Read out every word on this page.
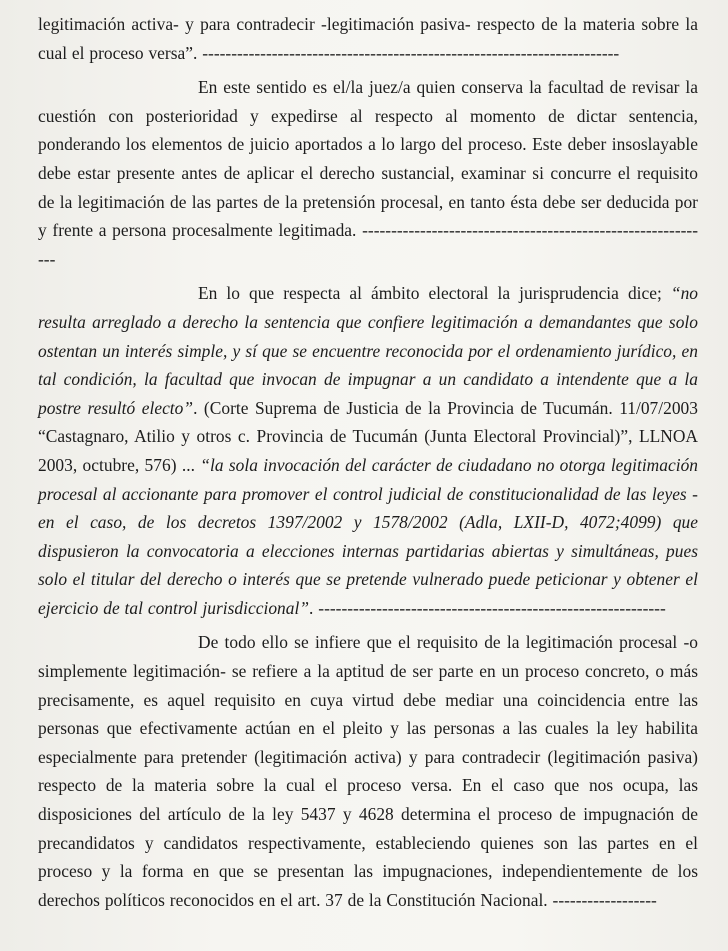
legitimación activa- y para contradecir -legitimación pasiva- respecto de la materia sobre la cual el proceso versa”. ------------------------------------------------------------------------

En este sentido es el/la juez/a quien conserva la facultad de revisar la cuestión con posterioridad y expedirse al respecto al momento de dictar sentencia, ponderando los elementos de juicio aportados a lo largo del proceso. Este deber insoslayable debe estar presente antes de aplicar el derecho sustancial, examinar si concurre el requisito de la legitimación de las partes de la pretensión procesal, en tanto ésta debe ser deducida por y frente a persona procesalmente legitimada. -------------------------------------------------------------

En lo que respecta al ámbito electoral la jurisprudencia dice; “no resulta arreglado a derecho la sentencia que confiere legitimación a demandantes que solo ostentan un interés simple, y sí que se encuentre reconocida por el ordenamiento jurídico, en tal condición, la facultad que invocan de impugnar a un candidato a intendente que a la postre resultó electo”. (Corte Suprema de Justicia de la Provincia de Tucumán. 11/07/2003 “Castagnaro, Atilio y otros c. Provincia de Tucumán (Junta Electoral Provincial)”, LLNOA 2003, octubre, 576) ... “la sola invocación del carácter de ciudadano no otorga legitimación procesal al accionante para promover el control judicial de constitucionalidad de las leyes - en el caso, de los decretos 1397/2002 y 1578/2002 (Adla, LXII-D, 4072;4099) que dispusieron la convocatoria a elecciones internas partidarias abiertas y simultáneas, pues solo el titular del derecho o interés que se pretende vulnerado puede peticionar y obtener el ejercicio de tal control jurisdiccional”. ------------------------------------------------------------

De todo ello se infiere que el requisito de la legitimación procesal -o simplemente legitimación- se refiere a la aptitud de ser parte en un proceso concreto, o más precisamente, es aquel requisito en cuya virtud debe mediar una coincidencia entre las personas que efectivamente actúan en el pleito y las personas a las cuales la ley habilita especialmente para pretender (legitimación activa) y para contradecir (legitimación pasiva) respecto de la materia sobre la cual el proceso versa. En el caso que nos ocupa, las disposiciones del artículo de la ley 5437 y 4628 determina el proceso de impugnación de precandidatos y candidatos respectivamente, estableciendo quienes son las partes en el proceso y la forma en que se presentan las impugnaciones, independientemente de los derechos políticos reconocidos en el art. 37 de la Constitución Nacional. ------------------
